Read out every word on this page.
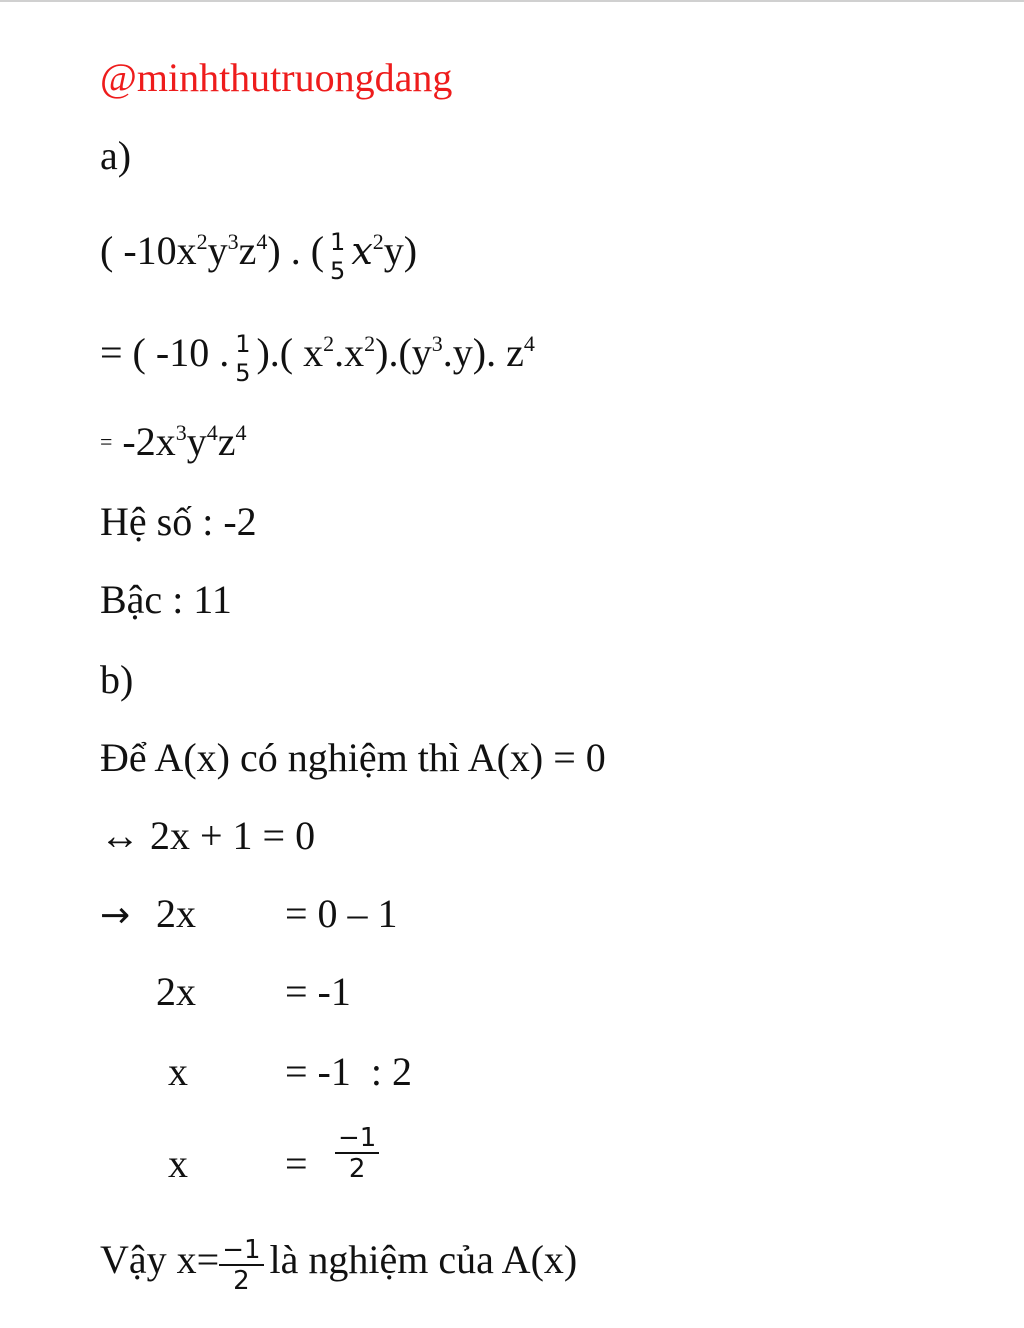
@minhthutruongdang
a)
( $-10x^2y^3z^4$) . ( 1
5 $x^2y$)
= ( -10 . 1
5 ).( $x^2.x^2).(y^3.y)$. $z^4$
= $-2x^3y^4z^4$
Hệ số : -2
Bậc : 11
b)
Để A(x) có nghiệm thì A(x) = 0
↔ 2x + 1 = 0
→ 2x = 0 – 1
2x = -1
x = -1  : 2
$x = \frac{-1}{2}$
Vậy $x= \frac{-1}{2}$ là nghiệm của A(x)
